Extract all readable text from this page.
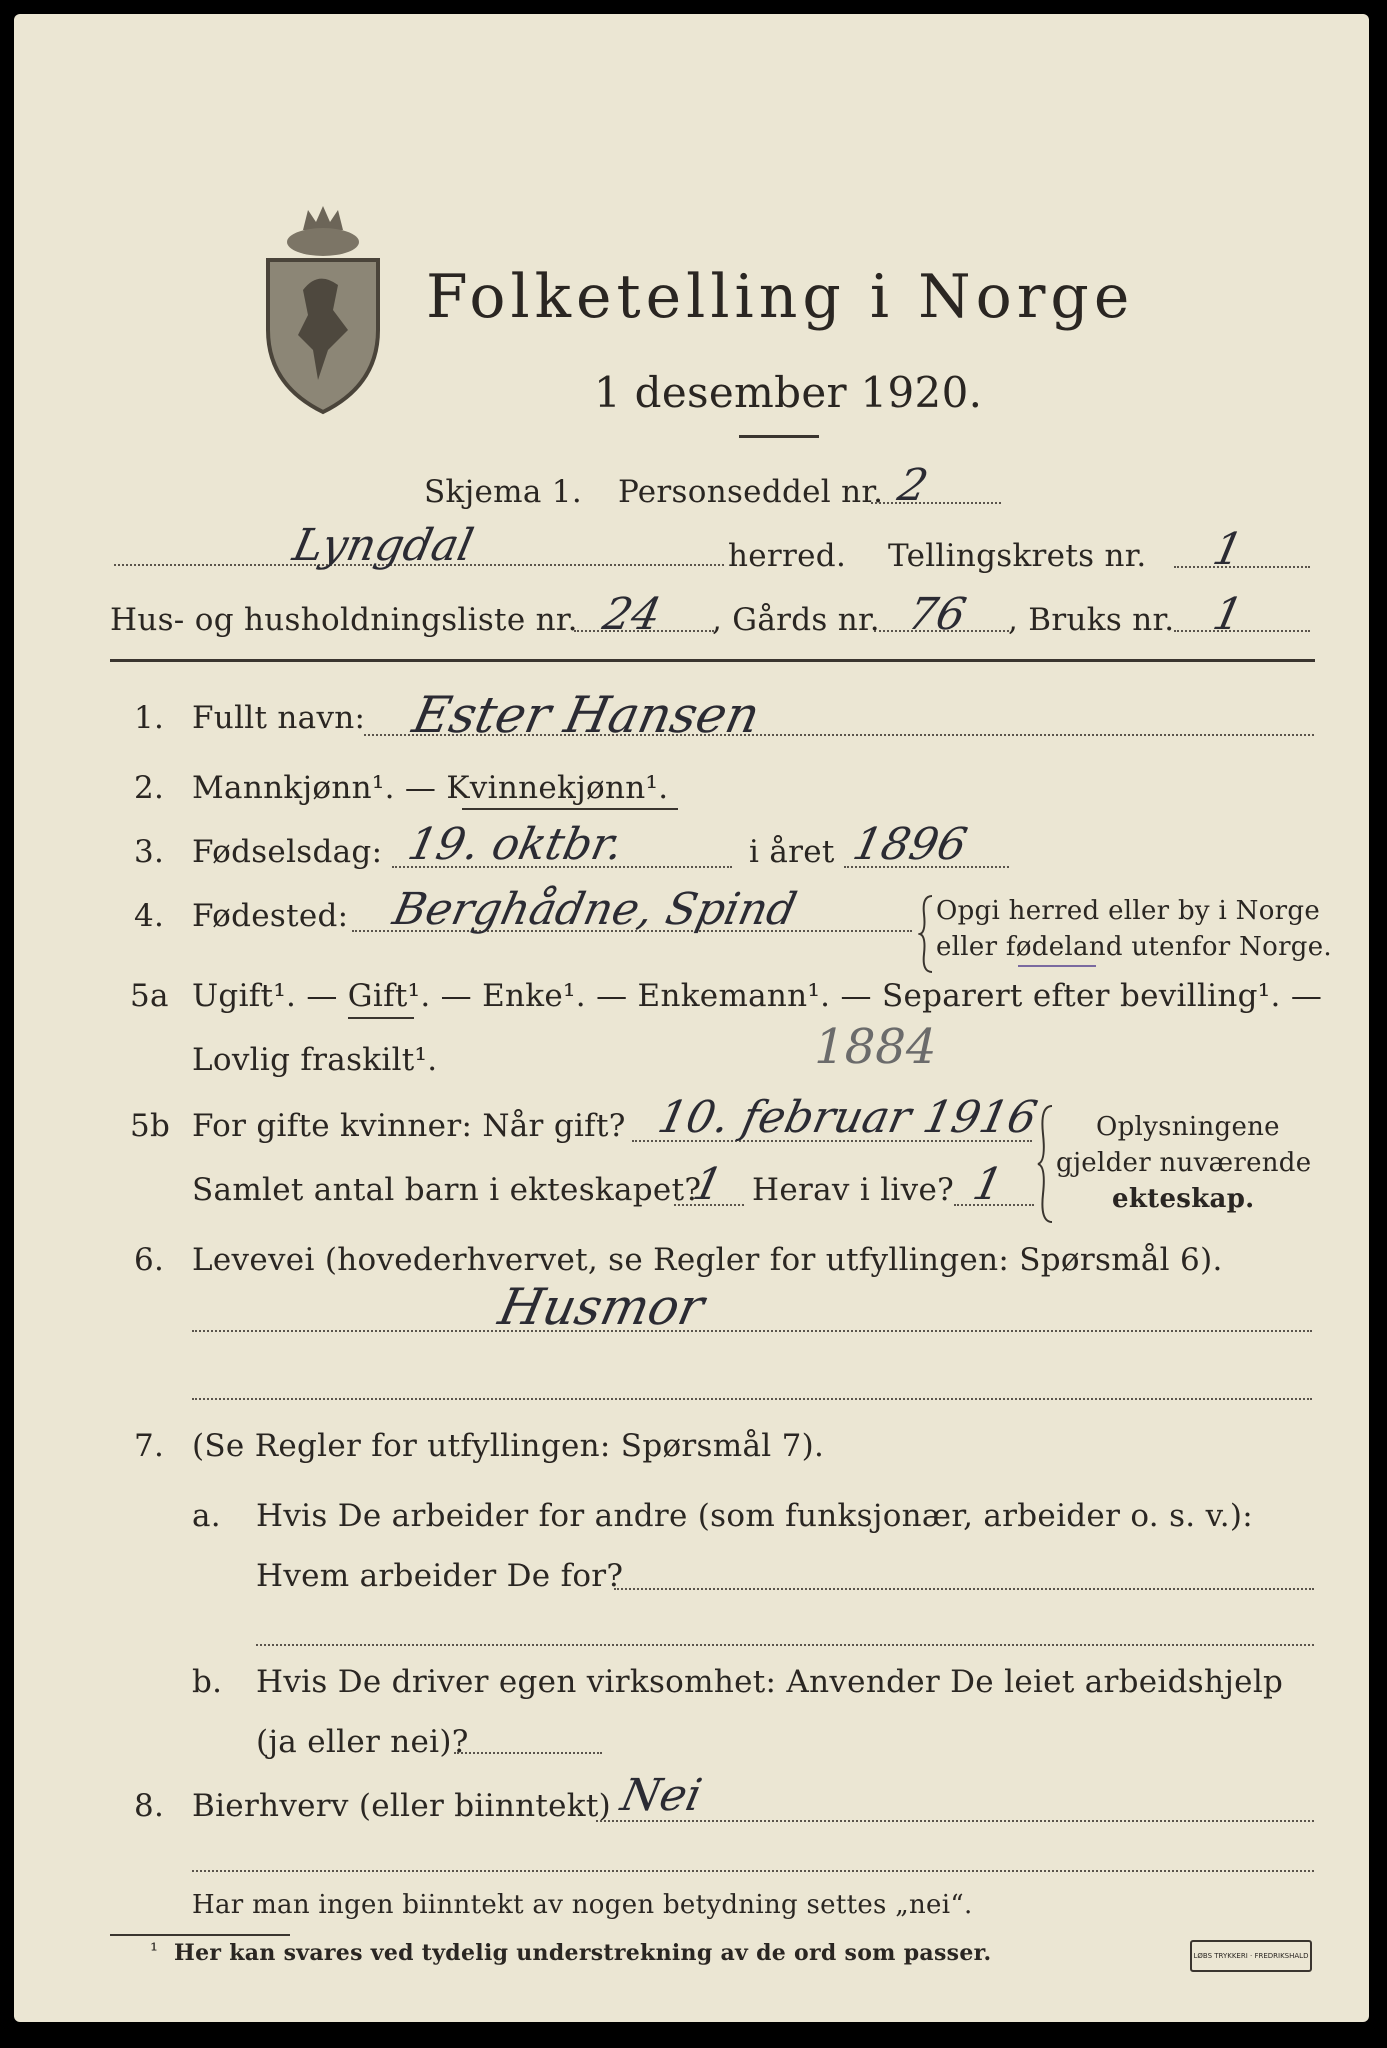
Folketelling i Norge
1 desember 1920.
Skjema 1. Personseddel nr. 2
Lyngdal	herred. Tellingskrets nr. 1
Hus- og husholdningsliste nr. 24 , Gårds nr. 76 , Bruks nr. 1
1. Fullt navn: Ester Hansen
2. Mannkjønn¹. — Kvinnekjønn¹.
3. Fødselsdag: 19. oktbr.	i året 1896
4. Fødested: Berghådne, Spind	Opgi herred eller by i Norge
eller fødeland utenfor Norge.
5a Ugift¹. — Gift¹. — Enke¹. — Enkemann¹. — Separert efter bevilling¹. —
Lovlig fraskilt¹.	1884
5b For gifte kvinner: Når gift? 10. februar 1916
Samlet antal barn i ekteskapet?
1 Herav i live? 1
Oplysningene
gjelder nuværende
ekteskap.
6. Levevei (hovederhvervet, se Regler for utfyllingen: Spørsmål 6).
Husmor
7. (Se Regler for utfyllingen: Spørsmål 7).
a. Hvis De arbeider for andre (som funksjonær, arbeider o. s. v.):
Hvem arbeider De for?
b. Hvis De driver egen virksomhet: Anvender De leiet arbeidshjelp
(ja eller nei)?
8. Bierhverv (eller biinntekt) Nei
Har man ingen biinntekt av nogen betydning settes „nei“.
¹ Her kan svares ved tydelig understrekning av de ord som passer.	LØBS TRYKKERI · FREDRIKSHALD
